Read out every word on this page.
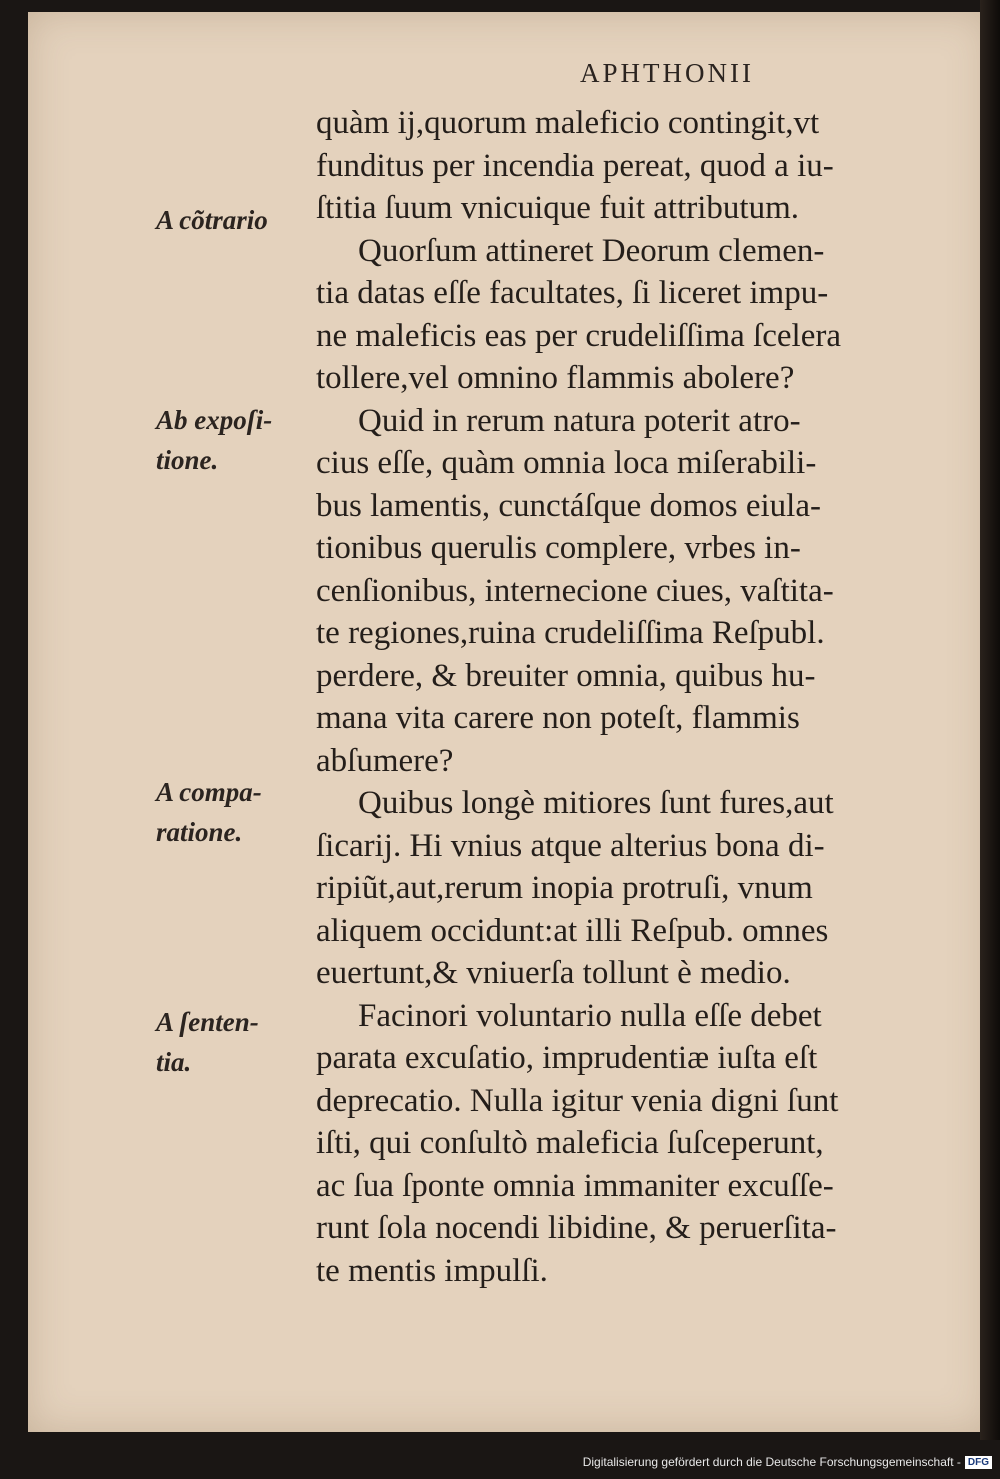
APHTHONII
quàm ij,quorum maleficio contingit,vt
funditus per incendia pereat, quod a iu-
ſtitia ſuum vnicuique fuit attributum.
Quorſum attineret Deorum clemen-
tia datas eſſe facultates, ſi liceret impu-
ne maleficis eas per crudeliſſima ſcelera
tollere,vel omnino flammis abolere?
Quid in rerum natura poterit atro-
cius eſſe, quàm omnia loca miſerabili-
bus lamentis, cunctáſque domos eiula-
tionibus querulis complere, vrbes in-
cenſionibus, internecione ciues, vaſtita-
te regiones,ruina crudeliſſima Reſpubl.
perdere, & breuiter omnia, quibus hu-
mana vita carere non poteſt, flammis
abſumere?
Quibus longè mitiores ſunt fures,aut
ſicarij. Hi vnius atque alterius bona di-
ripiũt,aut,rerum inopia protruſi, vnum
aliquem occidunt:at illi Reſpub. omnes
euertunt,& vniuerſa tollunt è medio.
Facinori voluntario nulla eſſe debet
parata excuſatio, imprudentiæ iuſta eſt
deprecatio. Nulla igitur venia digni ſunt
iſti, qui conſultò maleficia ſuſceperunt,
ac ſua ſponte omnia immaniter excuſſe-
runt ſola nocendi libidine, & peruerſita-
te mentis impulſi.
A cõtrario
Ab expoſi-
tione.
A compa-
ratione.
A ſenten-
tia.
Digitalisierung gefördert durch die Deutsche Forschungsgemeinschaft - DFG
